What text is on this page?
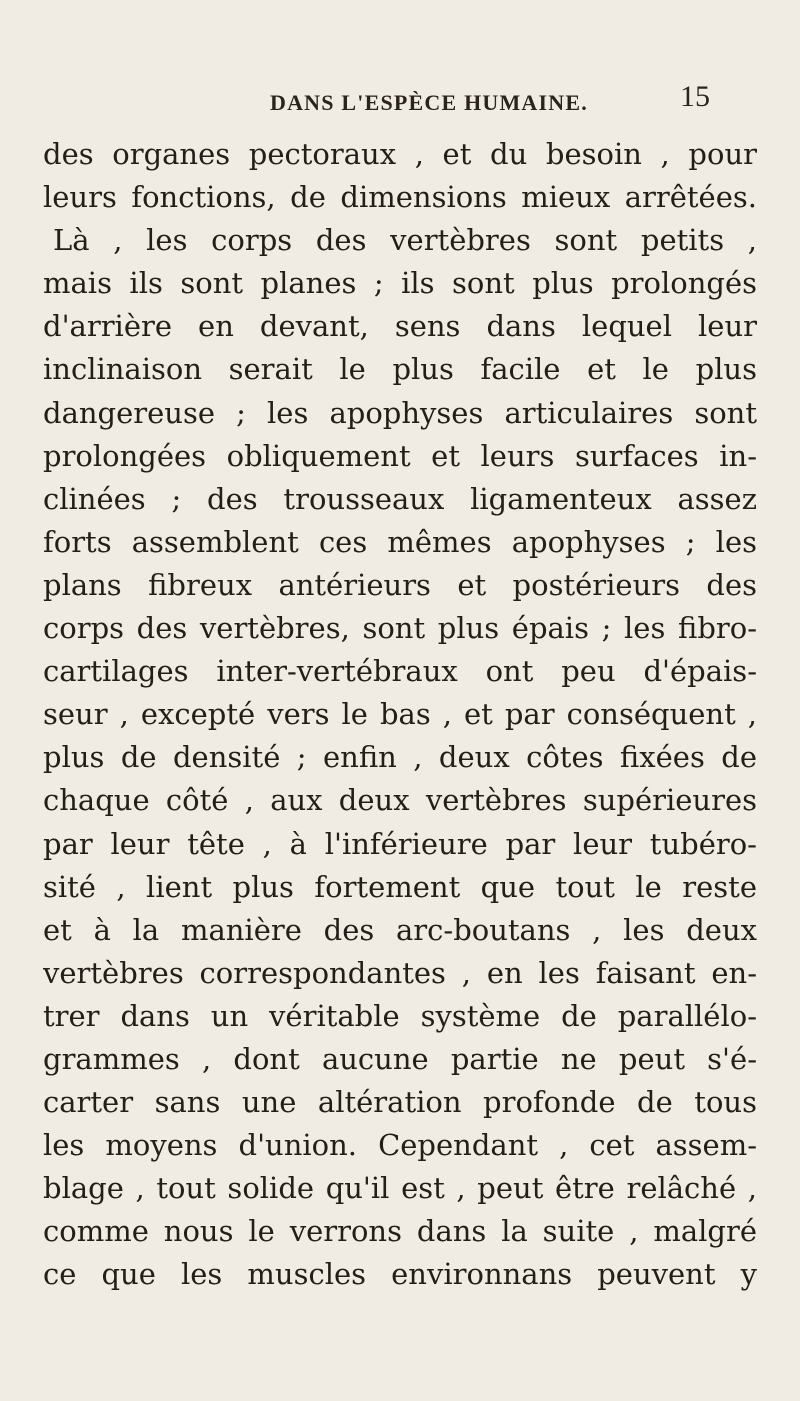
DANS L'ESPÈCE HUMAINE.	15
des organes pectoraux , et du besoin , pour
leurs fonctions, de dimensions mieux arrêtées.
Là , les corps des vertèbres sont petits ,
mais ils sont planes ; ils sont plus prolongés
d'arrière en devant, sens dans lequel leur
inclinaison serait le plus facile et le plus
dangereuse ; les apophyses articulaires sont
prolongées obliquement et leurs surfaces in-
clinées ; des trousseaux ligamenteux assez
forts assemblent ces mêmes apophyses ; les
plans fibreux antérieurs et postérieurs des
corps des vertèbres, sont plus épais ; les fibro-
cartilages inter-vertébraux ont peu d'épais-
seur , excepté vers le bas , et par conséquent ,
plus de densité ; enfin , deux côtes fixées de
chaque côté , aux deux vertèbres supérieures
par leur tête , à l'inférieure par leur tubéro-
sité , lient plus fortement que tout le reste
et à la manière des arc-boutans , les deux
vertèbres correspondantes , en les faisant en-
trer dans un véritable système de parallélo-
grammes , dont aucune partie ne peut s'é-
carter sans une altération profonde de tous
les moyens d'union. Cependant , cet assem-
blage , tout solide qu'il est , peut être relâché ,
comme nous le verrons dans la suite , malgré
ce que les muscles environnans peuvent y
